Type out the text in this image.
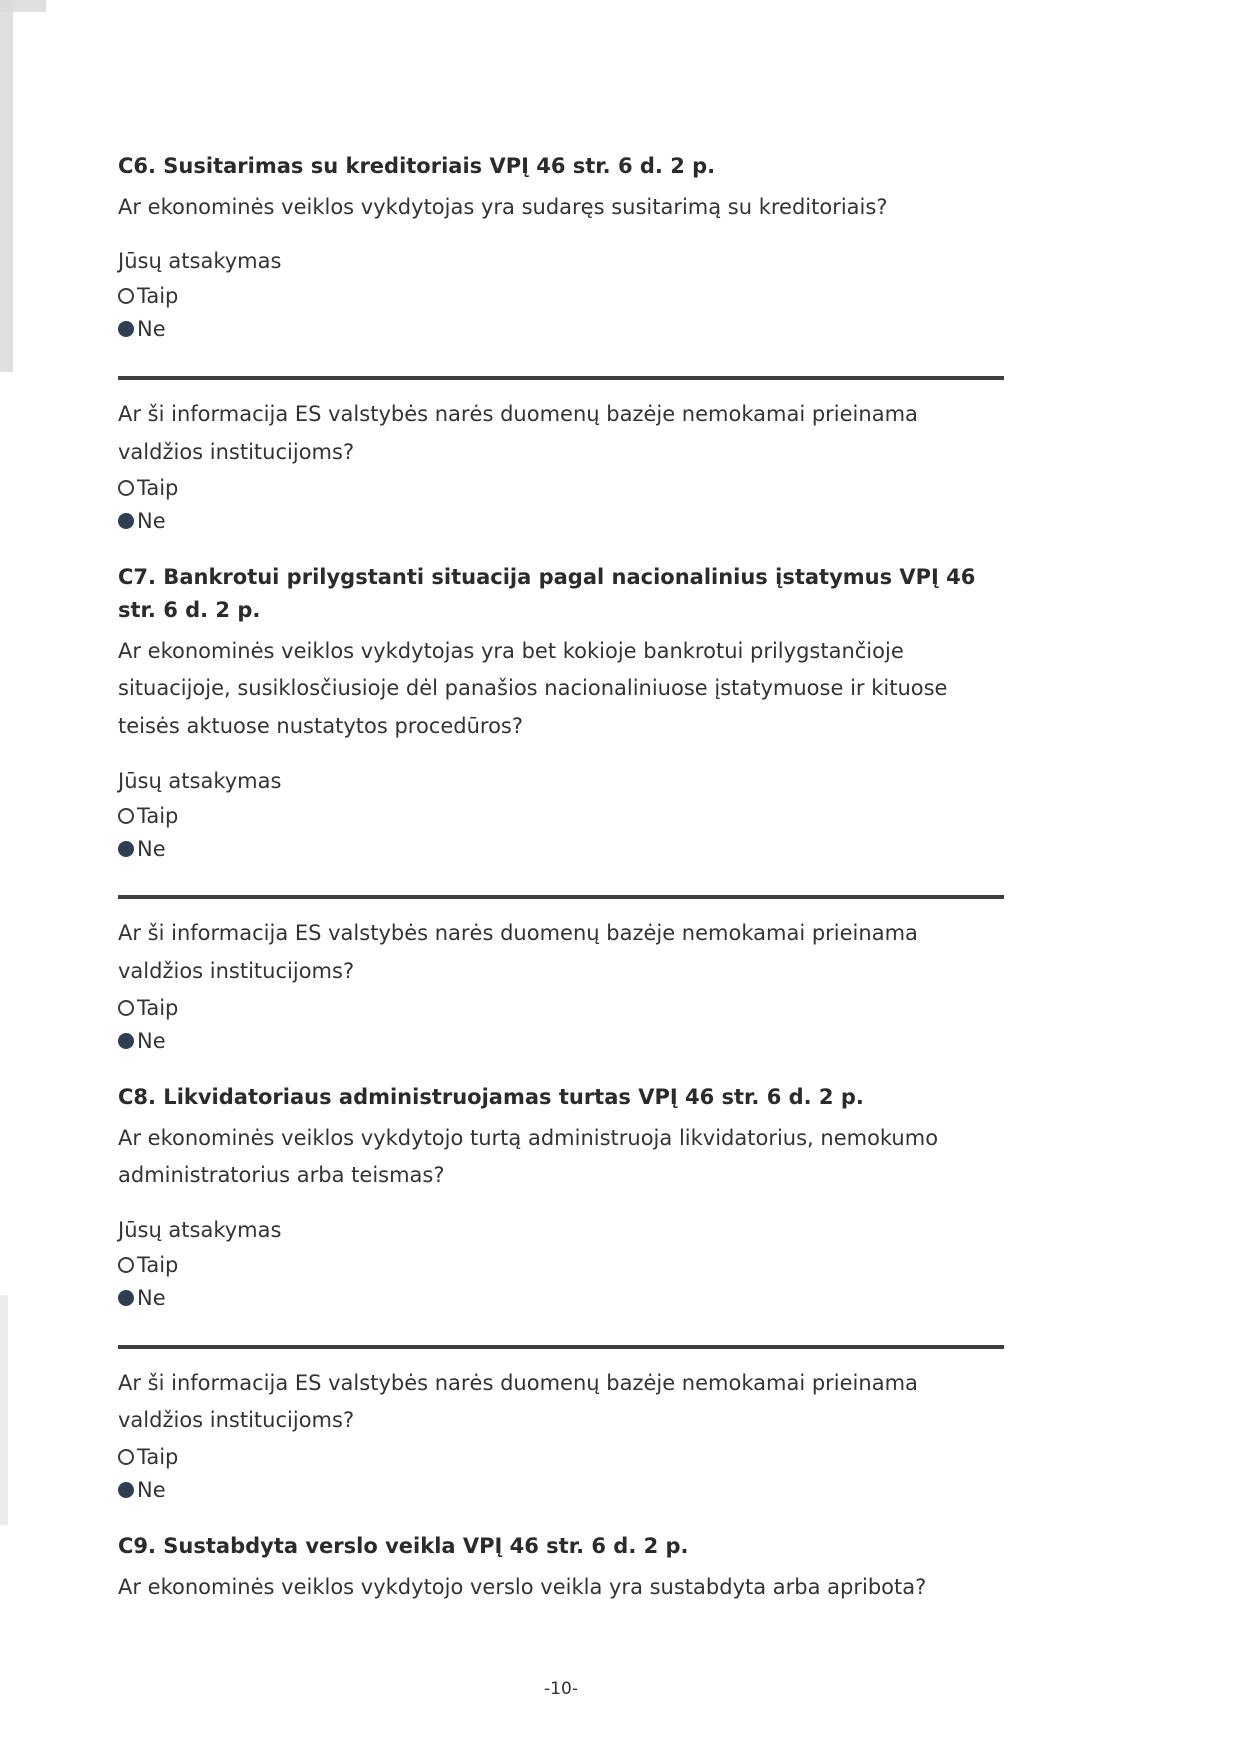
C6. Susitarimas su kreditoriais VPĮ 46 str. 6 d. 2 p.

Ar ekonominės veiklos vykdytojas yra sudaręs susitarimą su kreditoriais?

Jūsų atsakymas

Taip
Ne

Ar ši informacija ES valstybės narės duomenų bazėje nemokamai prieinama valdžios institucijoms?

Taip
Ne
C7. Bankrotui prilygstanti situacija pagal nacionalinius įstatymus VPĮ 46 str. 6 d. 2 p.

Ar ekonominės veiklos vykdytojas yra bet kokioje bankrotui prilygstančioje situacijoje, susiklosčiusioje dėl panašios nacionaliniuose įstatymuose ir kituose teisės aktuose nustatytos procedūros?

Jūsų atsakymas

Taip
Ne

Ar ši informacija ES valstybės narės duomenų bazėje nemokamai prieinama valdžios institucijoms?

Taip
Ne
C8. Likvidatoriaus administruojamas turtas VPĮ 46 str. 6 d. 2 p.

Ar ekonominės veiklos vykdytojo turtą administruoja likvidatorius, nemokumo administratorius arba teismas?

Jūsų atsakymas

Taip
Ne

Ar ši informacija ES valstybės narės duomenų bazėje nemokamai prieinama valdžios institucijoms?

Taip
Ne
C9. Sustabdyta verslo veikla VPĮ 46 str. 6 d. 2 p.

Ar ekonominės veiklos vykdytojo verslo veikla yra sustabdyta arba apribota?

-10-
